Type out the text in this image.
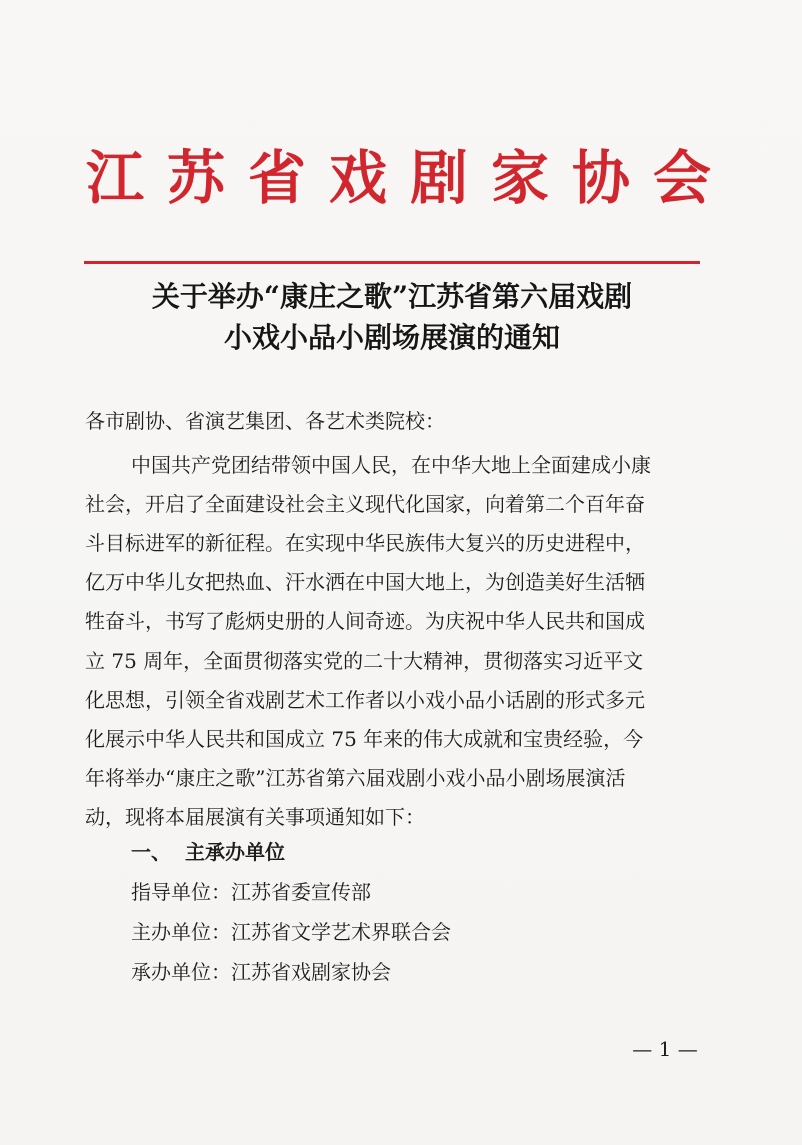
江苏省戏剧家协会
关于举办“康庄之歌”江苏省第六届戏剧
小戏小品小剧场展演的通知
各市剧协、省演艺集团、各艺术类院校：
中国共产党团结带领中国人民，在中华大地上全面建成小康
社会，开启了全面建设社会主义现代化国家，向着第二个百年奋
斗目标进军的新征程。在实现中华民族伟大复兴的历史进程中，
亿万中华儿女把热血、汗水洒在中国大地上，为创造美好生活牺
牲奋斗，书写了彪炳史册的人间奇迹。为庆祝中华人民共和国成
立 75 周年，全面贯彻落实党的二十大精神，贯彻落实习近平文
化思想，引领全省戏剧艺术工作者以小戏小品小话剧的形式多元
化展示中华人民共和国成立 75 年来的伟大成就和宝贵经验，今
年将举办“康庄之歌”江苏省第六届戏剧小戏小品小剧场展演活
动，现将本届展演有关事项通知如下：
一、 主承办单位
指导单位：江苏省委宣传部
主办单位：江苏省文学艺术界联合会
承办单位：江苏省戏剧家协会
— 1 —
